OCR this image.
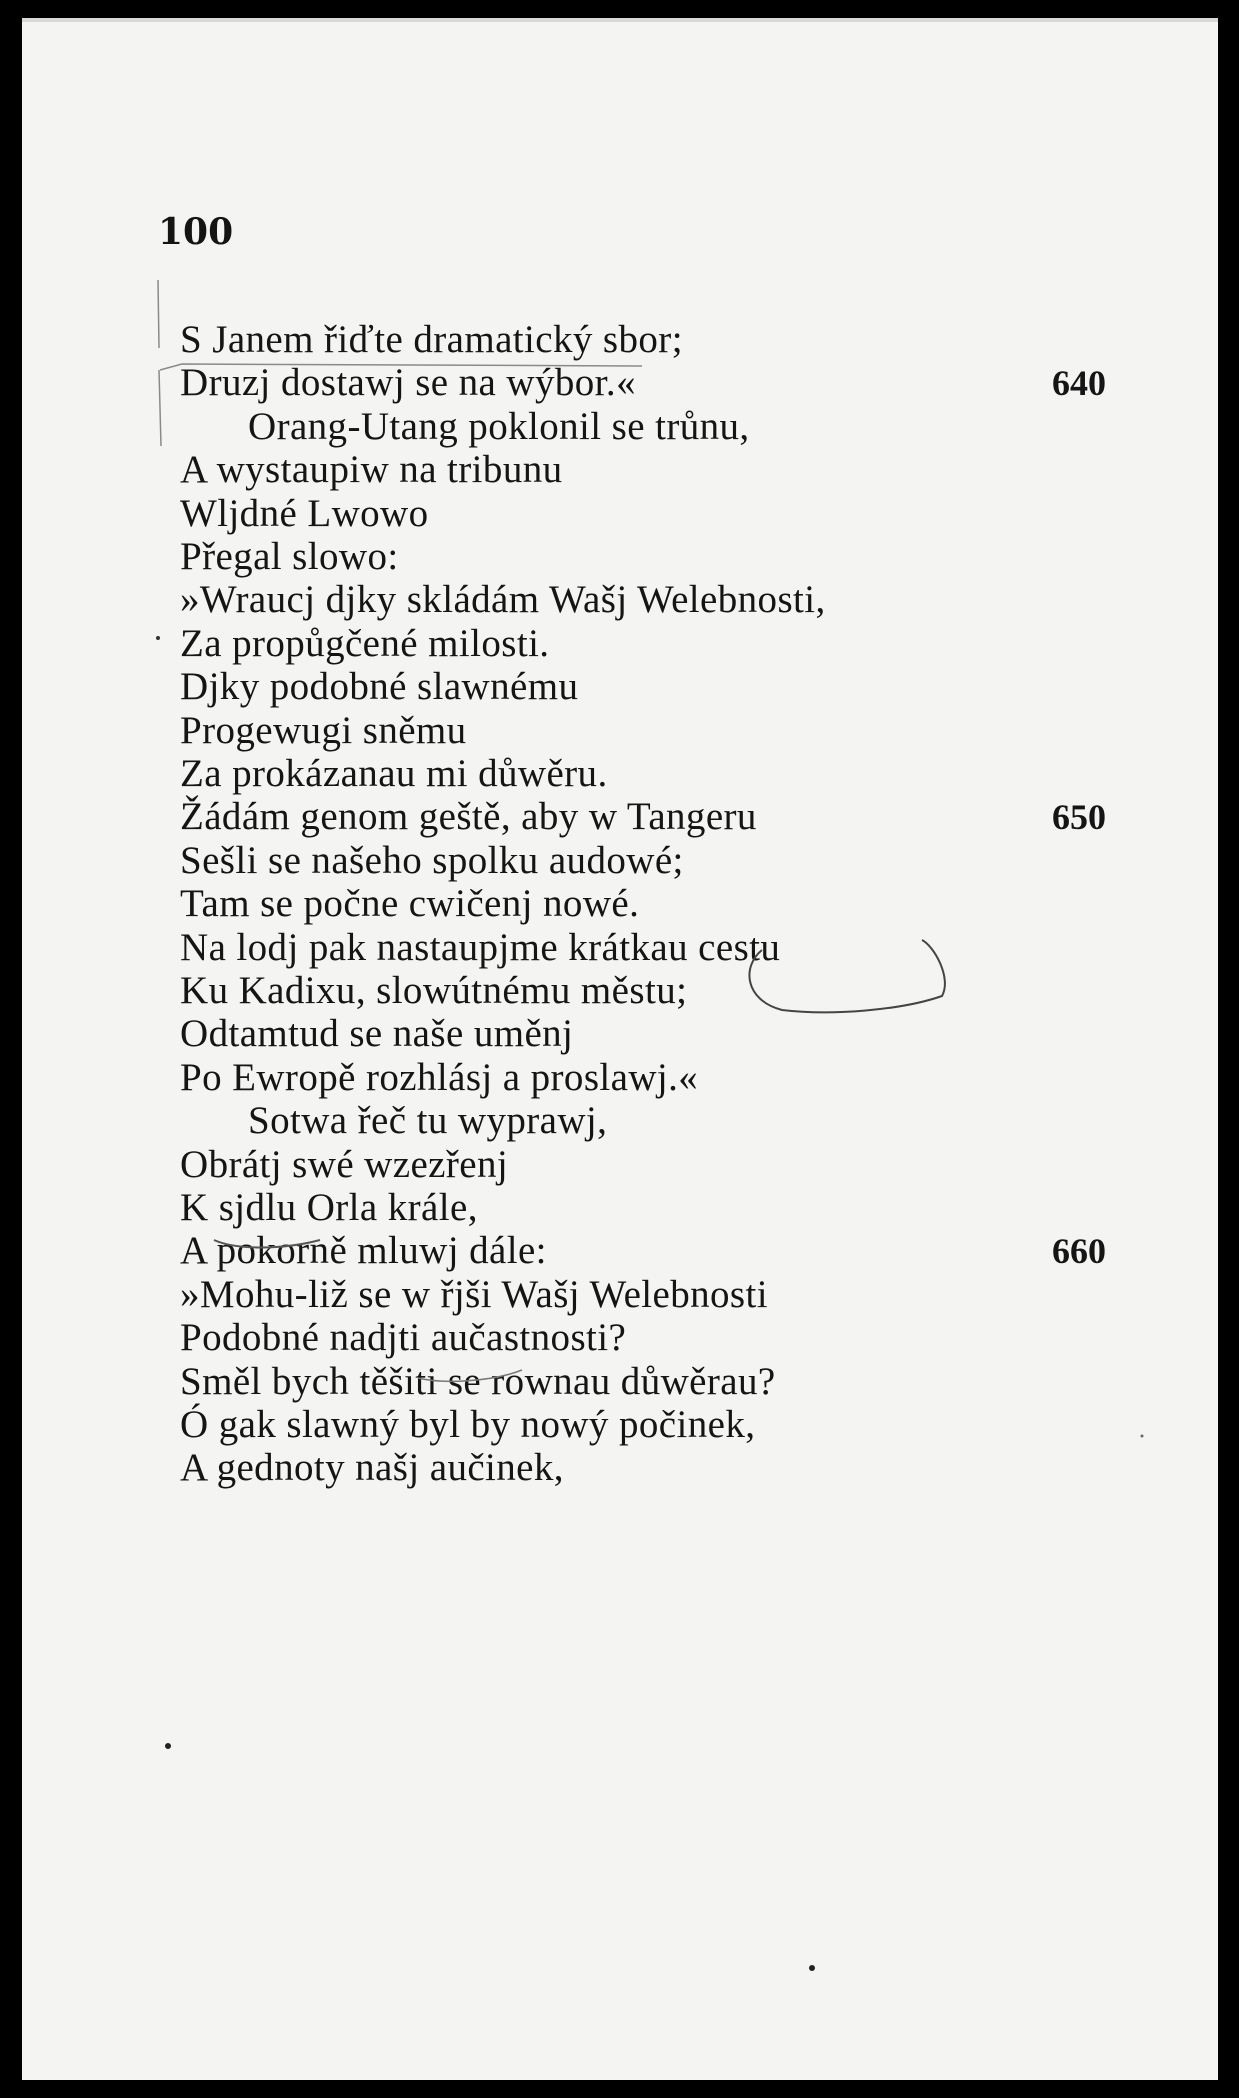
100
S Janem řiďte dramatický sbor;
Druzj dostawj se na wýbor.«	640
Orang-Utang poklonil se trůnu,
A wystaupiw na tribunu
Wljdné Lwowo
Přegal slowo:
»Wraucj djky skládám Wašj Welebnosti,
Za propůgčené milosti.
Djky podobné slawnému
Progewugi sněmu
Za prokázanau mi důwěru.
Žádám genom geště, aby w Tangeru	650
Sešli se našeho spolku audowé;
Tam se počne cwičenj nowé.
Na lodj pak nastaupjme krátkau cestu
Ku Kadixu, slowútnému městu;
Odtamtud se naše uměnj
Po Ewropě rozhlásj a proslawj.«
Sotwa řeč tu wyprawj,
Obrátj swé wzezřenj
K sjdlu Orla krále,
A pokorně mluwj dále:	660
»Mohu-liž se w řjši Wašj Welebnosti
Podobné nadjti aučastnosti?
Směl bych těšiti se rownau důwěrau?
Ó gak slawný byl by nowý počinek,
A gednoty našj aučinek,
